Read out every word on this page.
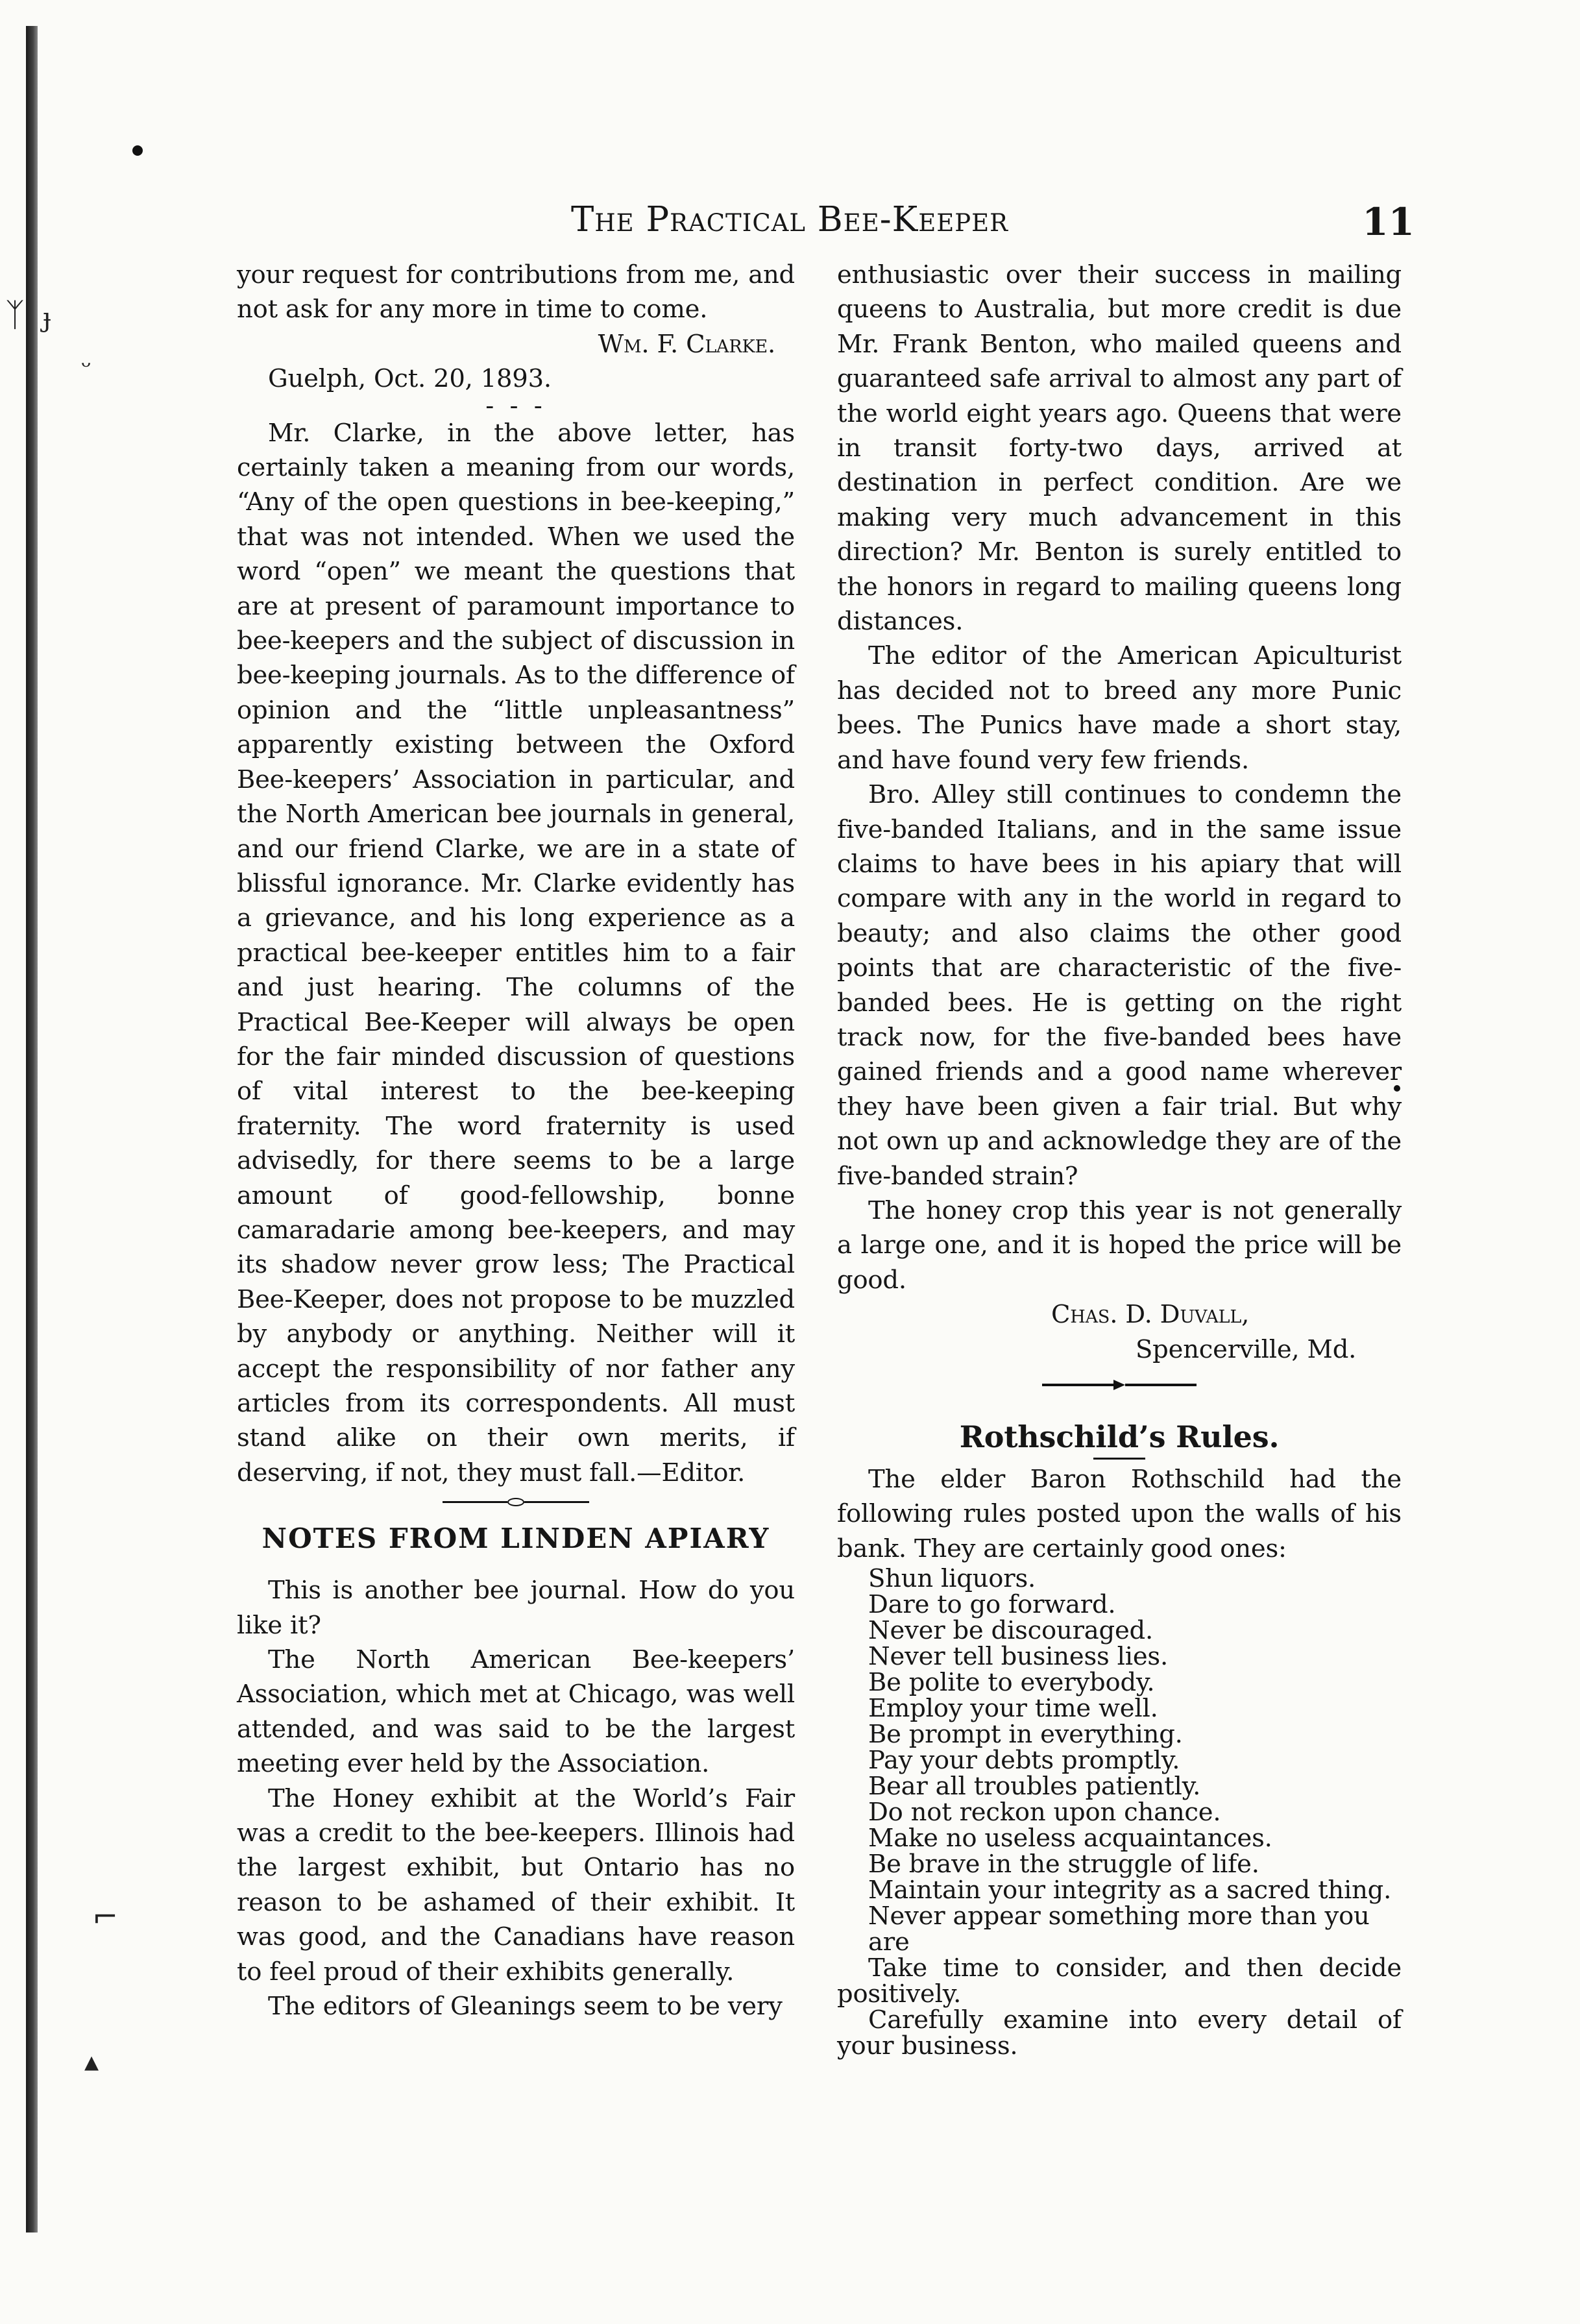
ᛉ ɟ
ᵕ
⌐
▴
The Practical Bee-Keeper	11

your request for contributions from me, and not ask for any more in time to come.

Wm. F. Clarke.

Guelph, Oct. 20, 1893.

- - -

Mr. Clarke, in the above letter, has certainly taken a meaning from our words, “Any of the open questions in bee-keeping,” that was not intended. When we used the word “open” we meant the questions that are at present of paramount importance to bee-keepers and the subject of discussion in bee-keeping journals. As to the difference of opinion and the “little unpleasantness” apparently existing between the Oxford Bee-keepers’ Association in particular, and the North American bee journals in general, and our friend Clarke, we are in a state of blissful ignorance. Mr. Clarke evidently has a grievance, and his long experience as a practical bee-keeper entitles him to a fair and just hearing. The columns of the Practical Bee-Keeper will always be open for the fair minded discussion of questions of vital interest to the bee-keeping fraternity. The word fraternity is used advisedly, for there seems to be a large amount of good-fellowship, bonne camaradarie among bee-keepers, and may its shadow never grow less; The Practical Bee-Keeper, does not propose to be muzzled by anybody or anything. Neither will it accept the responsibility of nor father any articles from its correspondents. All must stand alike on their own merits, if deserving, if not, they must fall.—Editor.

NOTES FROM LINDEN APIARY

This is another bee journal. How do you like it?

The North American Bee-keepers’ Association, which met at Chicago, was well attended, and was said to be the largest meeting ever held by the Association.

The Honey exhibit at the World’s Fair was a credit to the bee-keepers. Illinois had the largest exhibit, but Ontario has no reason to be ashamed of their exhibit. It was good, and the Canadians have reason to feel proud of their exhibits generally.

The editors of Gleanings seem to be very

enthusiastic over their success in mailing queens to Australia, but more credit is due Mr. Frank Benton, who mailed queens and guaranteed safe arrival to almost any part of the world eight years ago. Queens that were in transit forty-two days, arrived at destination in perfect condition. Are we making very much advancement in this direction? Mr. Benton is surely entitled to the honors in regard to mailing queens long distances.

The editor of the American Apiculturist has decided not to breed any more Punic bees. The Punics have made a short stay, and have found very few friends.

Bro. Alley still continues to condemn the five-banded Italians, and in the same issue claims to have bees in his apiary that will compare with any in the world in regard to beauty; and also claims the other good points that are characteristic of the five-banded bees. He is getting on the right track now, for the five-banded bees have gained friends and a good name wherever they have been given a fair trial. But why not own up and acknowledge they are of the five-banded strain?

The honey crop this year is not generally a large one, and it is hoped the price will be good.

Chas. D. Duvall,

Spencerville, Md.

Rothschild’s Rules.

The elder Baron Rothschild had the following rules posted upon the walls of his bank. They are certainly good ones:

Shun liquors.
Dare to go forward.
Never be discouraged.
Never tell business lies.
Be polite to everybody.
Employ your time well.
Be prompt in everything.
Pay your debts promptly.
Bear all troubles patiently.
Do not reckon upon chance.
Make no useless acquaintances.
Be brave in the struggle of life.
Maintain your integrity as a sacred thing.
Never appear something more than you are

Take time to consider, and then decide positively.

Carefully examine into every detail of your business.
